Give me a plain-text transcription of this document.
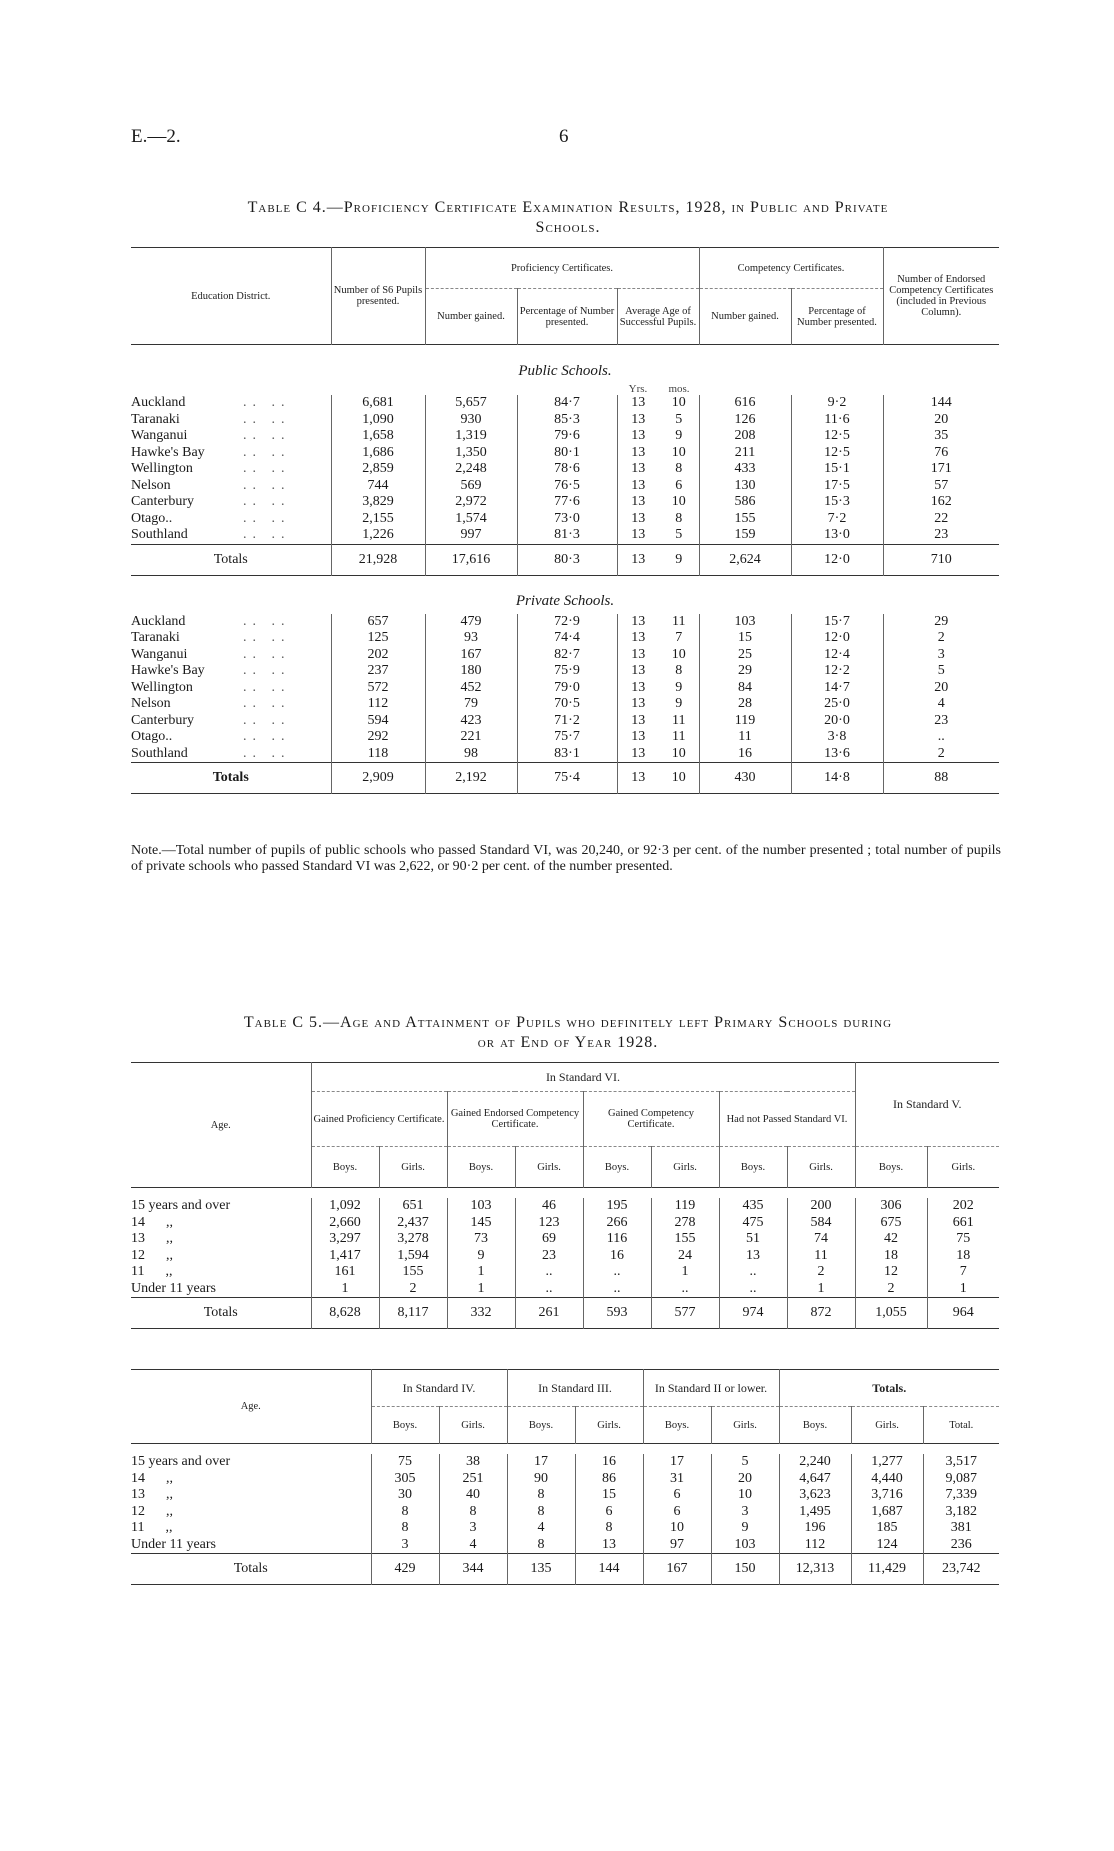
E.—2.	6
Table C 4.—Proficiency Certificate Examination Results, 1928, in Public and Private
Schools.
Education District.	Number of S6 Pupils presented.	Proficiency Certificates.				Competency Certificates.		Number of Endorsed Competency Certificates (included in Previous Column).
		Number gained.	Percentage of Number presented.	Average Age of Successful Pupils.		Number gained.	Percentage of Number presented.	
Public Schools.								
				Yrs.	mos.			
Auckland .. ..	6,681	5,657	84·7	13	10	616	9·2	144
Taranaki .. ..	1,090	930	85·3	13	5	126	11·6	20
Wanganui .. ..	1,658	1,319	79·6	13	9	208	12·5	35
Hawke's Bay .. ..	1,686	1,350	80·1	13	10	211	12·5	76
Wellington .. ..	2,859	2,248	78·6	13	8	433	15·1	171
Nelson .. ..	744	569	76·5	13	6	130	17·5	57
Canterbury .. ..	3,829	2,972	77·6	13	10	586	15·3	162
Otago.. .. ..	2,155	1,574	73·0	13	8	155	7·2	22
Southland .. ..	1,226	997	81·3	13	5	159	13·0	23
Totals	21,928	17,616	80·3	13	9	2,624	12·0	710
Private Schools.								
Auckland .. ..	657	479	72·9	13	11	103	15·7	29
Taranaki .. ..	125	93	74·4	13	7	15	12·0	2
Wanganui .. ..	202	167	82·7	13	10	25	12·4	3
Hawke's Bay .. ..	237	180	75·9	13	8	29	12·2	5
Wellington .. ..	572	452	79·0	13	9	84	14·7	20
Nelson .. ..	112	79	70·5	13	9	28	25·0	4
Canterbury .. ..	594	423	71·2	13	11	119	20·0	23
Otago.. .. ..	292	221	75·7	13	11	11	3·8	..
Southland .. ..	118	98	83·1	13	10	16	13·6	2
Totals	2,909	2,192	75·4	13	10	430	14·8	88
Note.—Total number of pupils of public schools who passed Standard VI, was 20,240, or 92·3 per cent. of the number presented ; total number of pupils of private schools who passed Standard VI was 2,622, or 90·2 per cent. of the number presented.
Table C 5.—Age and Attainment of Pupils who definitely left Primary Schools during
or at End of Year 1928.
Age.	In Standard VI.								In Standard V.	
	Gained Proficiency Certificate.		Gained Endorsed Competency Certificate.		Gained Competency Certificate.		Had not Passed Standard VI.			
	Boys.	Girls.	Boys.	Girls.	Boys.	Girls.	Boys.	Girls.	Boys.	Girls.

15 years and over	1,092	651	103	46	195	119	435	200	306	202
14      ,,	2,660	2,437	145	123	266	278	475	584	675	661
13      ,,	3,297	3,278	73	69	116	155	51	74	42	75
12      ,,	1,417	1,594	9	23	16	24	13	11	18	18
11      ,,	161	155	1	..	..	1	..	2	12	7
Under 11 years	1	2	1	..	..	..	..	1	2	1
Totals	8,628	8,117	332	261	593	577	974	872	1,055	964
Age.	In Standard IV.		In Standard III.		In Standard II or lower.		Totals.		
	Boys.	Girls.	Boys.	Girls.	Boys.	Girls.	Boys.	Girls.	Total.

15 years and over	75	38	17	16	17	5	2,240	1,277	3,517
14      ,,	305	251	90	86	31	20	4,647	4,440	9,087
13      ,,	30	40	8	15	6	10	3,623	3,716	7,339
12      ,,	8	8	8	6	6	3	1,495	1,687	3,182
11      ,,	8	3	4	8	10	9	196	185	381
Under 11 years	3	4	8	13	97	103	112	124	236
Totals	429	344	135	144	167	150	12,313	11,429	23,742
